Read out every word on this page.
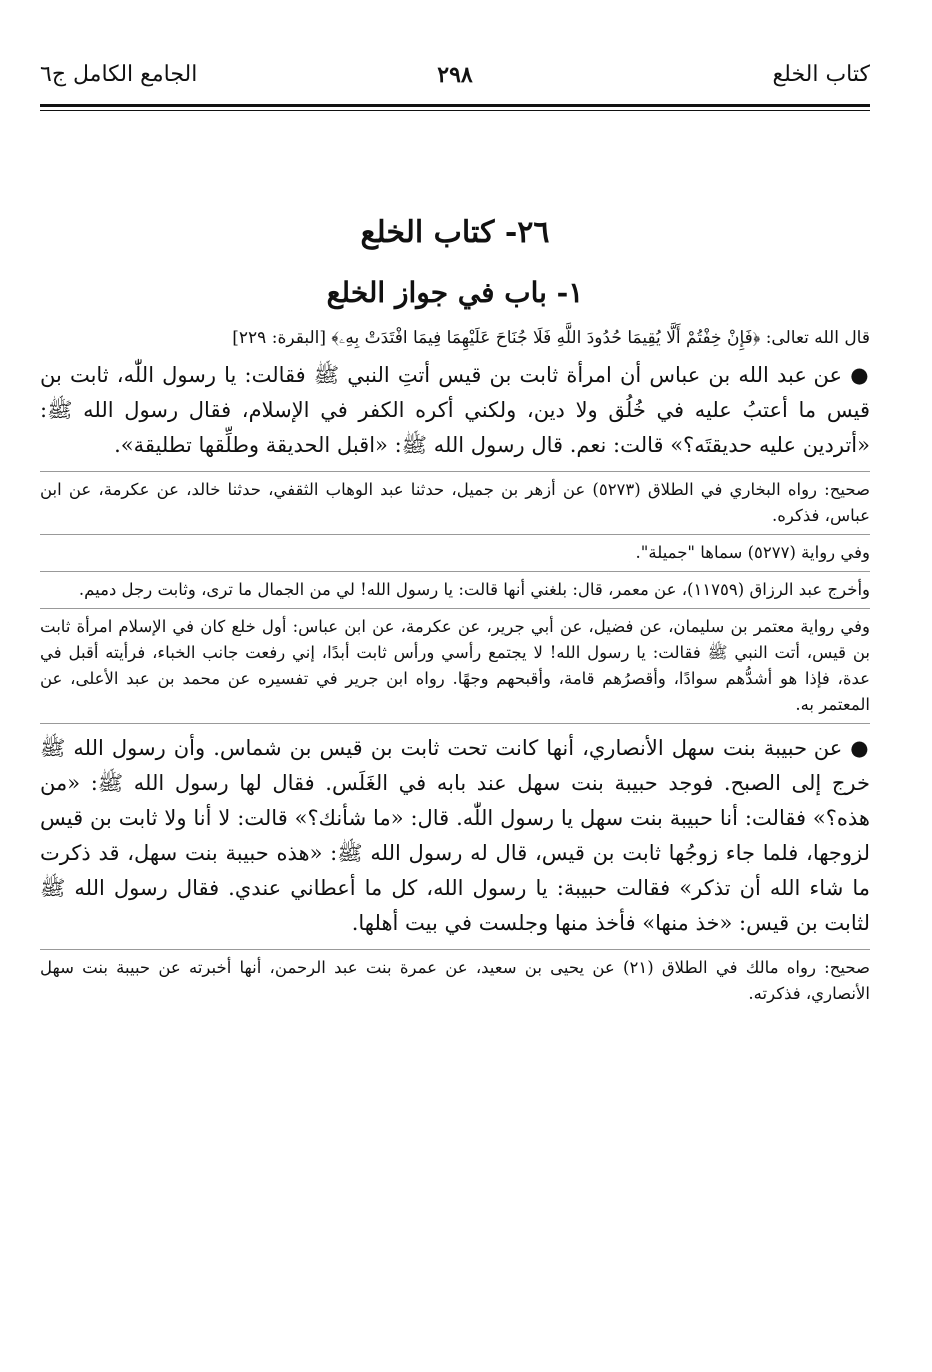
كتاب الخلع
٢٩٨
الجامع الكامل ج٦
٢٦- كتاب الخلع
١- باب في جواز الخلع

قال الله تعالى: ﴿فَإِنْ خِفْتُمْ أَلَّا يُقِيمَا حُدُودَ اللَّهِ فَلَا جُنَاحَ عَلَيْهِمَا فِيمَا افْتَدَتْ بِهِۦ﴾ [البقرة: ٢٢٩]

● عن عبد الله بن عباس أن امرأة ثابت بن قيس أتتِ النبي ﷺ فقالت: يا رسول اللّٰه، ثابت بن قيس ما أعتبُ عليه في خُلُق ولا دين، ولكني أكره الكفر في الإسلام، فقال رسول الله ﷺ: «أتردين عليه حديقتَه؟» قالت: نعم. قال رسول الله ﷺ: «اقبل الحديقة وطلِّقها تطليقة».

صحيح: رواه البخاري في الطلاق (٥٢٧٣) عن أزهر بن جميل، حدثنا عبد الوهاب الثقفي، حدثنا خالد، عن عكرمة، عن ابن عباس، فذكره.

وفي رواية (٥٢٧٧) سماها "جميلة".

وأخرج عبد الرزاق (١١٧٥٩)، عن معمر، قال: بلغني أنها قالت: يا رسول الله! لي من الجمال ما ترى، وثابت رجل دميم.

وفي رواية معتمر بن سليمان، عن فضيل، عن أبي جرير، عن عكرمة، عن ابن عباس: أول خلع كان في الإسلام امرأة ثابت بن قيس، أتت النبي ﷺ فقالت: يا رسول الله! لا يجتمع رأسي ورأس ثابت أبدًا، إني رفعت جانب الخباء، فرأيته أقبل في عدة، فإذا هو أشدُّهم سوادًا، وأقصرُهم قامة، وأقبحهم وجهًا. رواه ابن جرير في تفسيره عن محمد بن عبد الأعلى، عن المعتمر به.

● عن حبيبة بنت سهل الأنصاري، أنها كانت تحت ثابت بن قيس بن شماس. وأن رسول الله ﷺ خرج إلى الصبح. فوجد حبيبة بنت سهل عند بابه في الغَلَس. فقال لها رسول الله ﷺ: «من هذه؟» فقالت: أنا حبيبة بنت سهل يا رسول اللّٰه. قال: «ما شأنك؟» قالت: لا أنا ولا ثابت بن قيس لزوجها، فلما جاء زوجُها ثابت بن قيس، قال له رسول الله ﷺ: «هذه حبيبة بنت سهل، قد ذكرت ما شاء الله أن تذكر» فقالت حبيبة: يا رسول الله، كل ما أعطاني عندي. فقال رسول الله ﷺ لثابت بن قيس: «خذ منها» فأخذ منها وجلست في بيت أهلها.

صحيح: رواه مالك في الطلاق (٢١) عن يحيى بن سعيد، عن عمرة بنت عبد الرحمن، أنها أخبرته عن حبيبة بنت سهل الأنصاري، فذكرته.
